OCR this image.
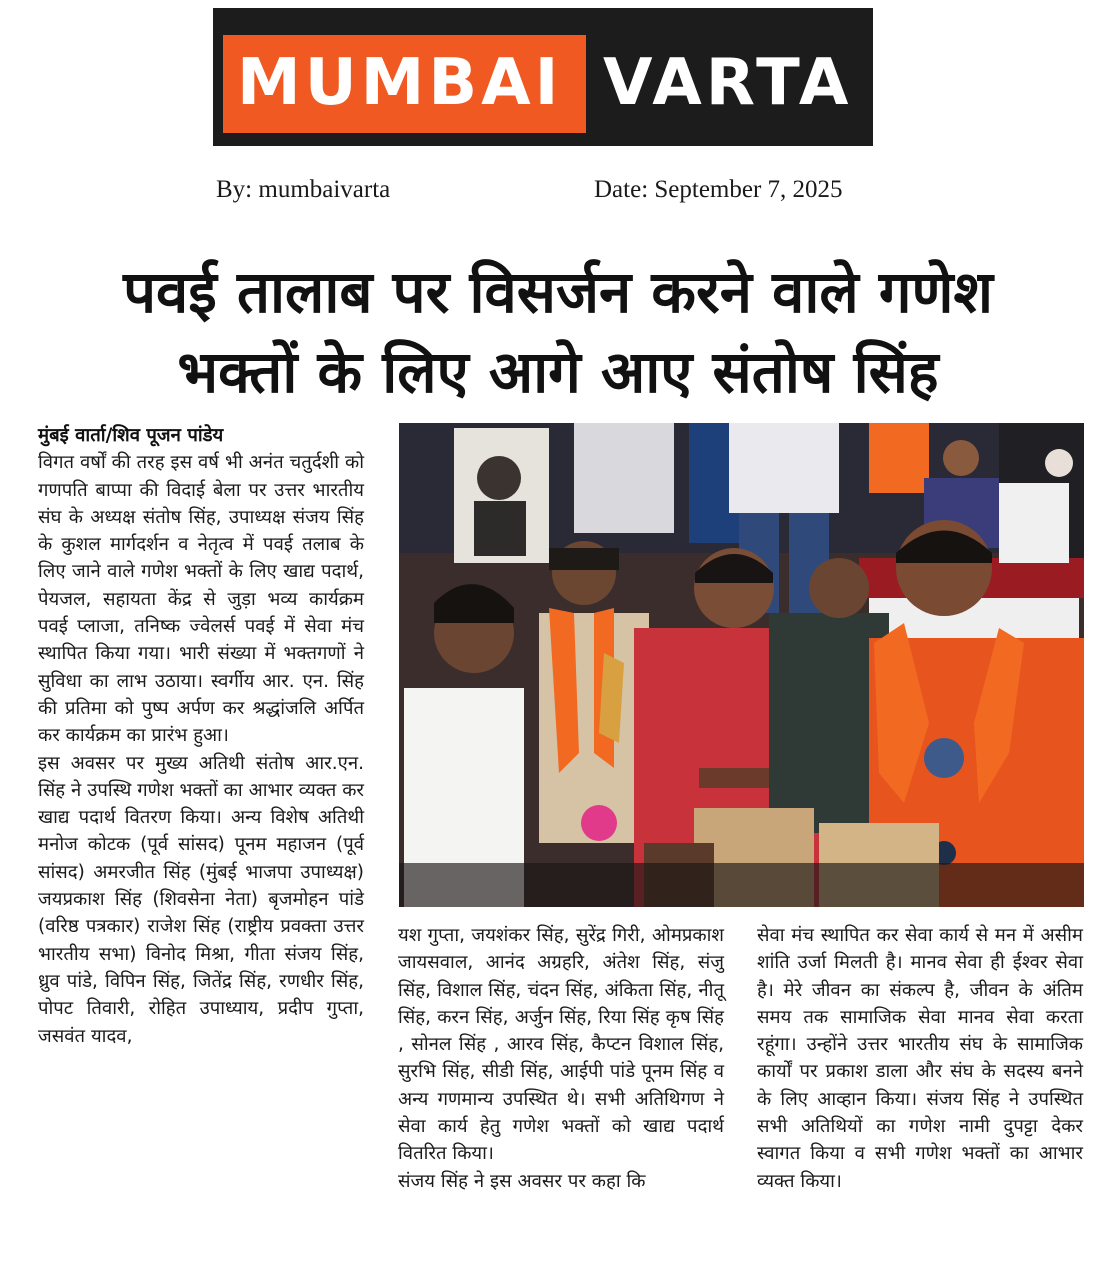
MUMBAI VARTA
By: mumbaivarta	Date: September 7, 2025
पवई तालाब पर विसर्जन करने वाले गणेश
भक्तों के लिए आगे आए संतोष सिंह

मुंबई वार्ता/शिव पूजन पांडेय

विगत वर्षों की तरह इस वर्ष भी अनंत चतुर्दशी को गणपति बाप्पा की विदाई बेला पर उत्तर भारतीय संघ के अध्यक्ष संतोष सिंह, उपाध्यक्ष संजय सिंह के कुशल मार्गदर्शन व नेतृत्व में पवई तलाब के लिए जाने वाले गणेश भक्तों के लिए खाद्य पदार्थ, पेयजल, सहायता केंद्र से जुड़ा भव्य कार्यक्रम पवई प्लाजा, तनिष्क ज्वेलर्स पवई में सेवा मंच स्थापित किया गया। भारी संख्या में भक्तगणों ने सुविधा का लाभ उठाया। स्वर्गीय आर. एन. सिंह की प्रतिमा को पुष्प अर्पण कर श्रद्धांजलि अर्पित कर कार्यक्रम का प्रारंभ हुआ।

इस अवसर पर मुख्य अतिथी संतोष आर.एन. सिंह ने उपस्थि गणेश भक्तों का आभार व्यक्त कर खाद्य पदार्थ वितरण किया। अन्य विशेष अतिथी मनोज कोटक (पूर्व सांसद) पूनम महाजन (पूर्व सांसद) अमरजीत सिंह (मुंबई भाजपा उपाध्यक्ष) जयप्रकाश सिंह (शिवसेना नेता) बृजमोहन पांडे (वरिष्ठ पत्रकार) राजेश सिंह (राष्ट्रीय प्रवक्ता उत्तर भारतीय सभा) विनोद मिश्रा, गीता संजय सिंह, ध्रुव पांडे, विपिन सिंह, जितेंद्र सिंह, रणधीर सिंह, पोपट तिवारी, रोहित उपाध्याय, प्रदीप गुप्ता, जसवंत यादव,

यश गुप्ता, जयशंकर सिंह, सुरेंद्र गिरी, ओमप्रकाश जायसवाल, आनंद अग्रहरि, अंतेश सिंह, संजु सिंह, विशाल सिंह, चंदन सिंह, अंकिता सिंह, नीतू सिंह, करन सिंह, अर्जुन सिंह, रिया सिंह कृष सिंह , सोनल सिंह , आरव सिंह, कैप्टन विशाल सिंह, सुरभि सिंह, सीडी सिंह, आईपी पांडे पूनम सिंह व अन्य गणमान्य उपस्थित थे। सभी अतिथिगण ने सेवा कार्य हेतु गणेश भक्तों को खाद्य पदार्थ वितरित किया।

संजय सिंह ने इस अवसर पर कहा कि

सेवा मंच स्थापित कर सेवा कार्य से मन में असीम शांति उर्जा मिलती है। मानव सेवा ही ईश्वर सेवा है। मेरे जीवन का संकल्प है, जीवन के अंतिम समय तक सामाजिक सेवा मानव सेवा करता रहूंगा। उन्होंने उत्तर भारतीय संघ के सामाजिक कार्यों पर प्रकाश डाला और संघ के सदस्य बनने के लिए आव्हान किया। संजय सिंह ने उपस्थित सभी अतिथियों का गणेश नामी दुपट्टा देकर स्वागत किया व सभी गणेश भक्तों का आभार व्यक्त किया।
